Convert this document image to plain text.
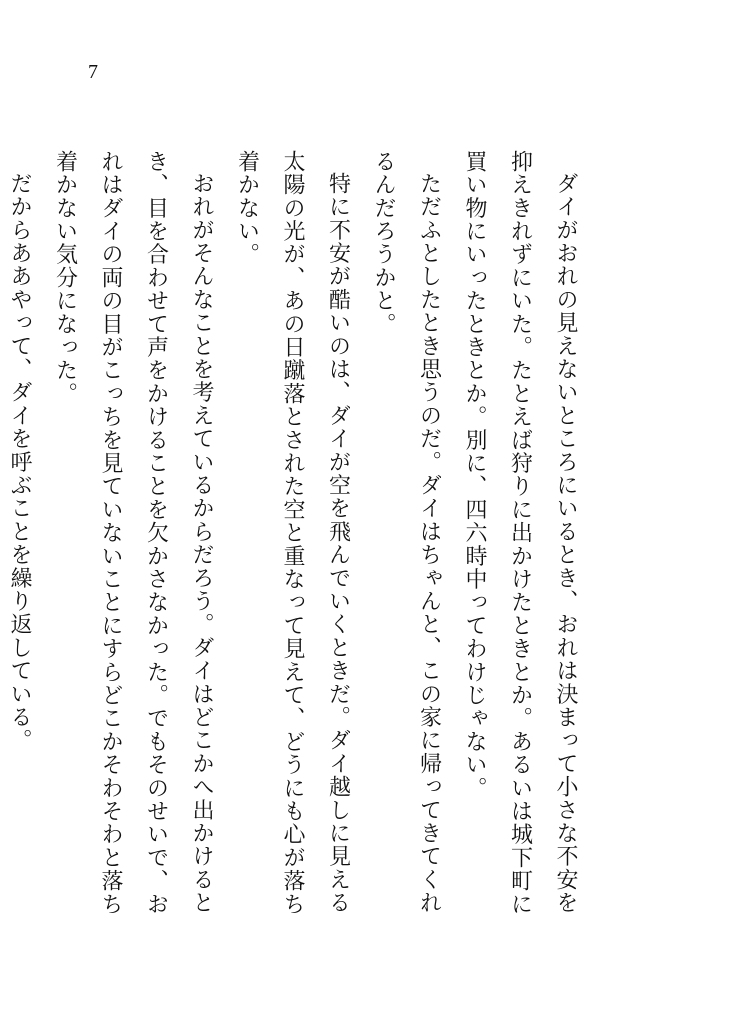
7

ダイがおれの見えないところにいるとき、おれは決まって小さな不安を抑えきれずにいた。たとえば狩りに出かけたときとか。あるいは城下町に買い物にいったときとか。別に、四六時中ってわけじゃない。

ただふとしたとき思うのだ。ダイはちゃんと、この家に帰ってきてくれるんだろうかと。

特に不安が酷いのは、ダイが空を飛んでいくときだ。ダイ越しに見える太陽の光が、あの日蹴落とされた空と重なって見えて、どうにも心が落ち着かない。

おれがそんなことを考えているからだろう。ダイはどこかへ出かけるとき、目を合わせて声をかけることを欠かさなかった。でもそのせいで、おれはダイの両の目がこっちを見ていないことにすらどこかそわそわと落ち着かない気分になった。

だからああやって、ダイを呼ぶことを繰り返している。
